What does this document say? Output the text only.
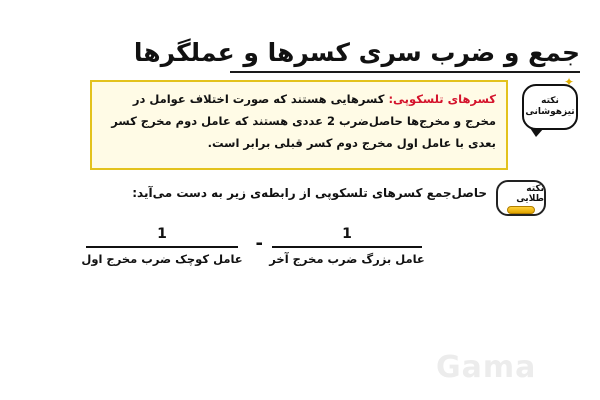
جمع و ضرب سری کسرها و عملگرها
✦
نکته
تیزهوشانی
کسرهای تلسکوپی: کسرهایی هستند که صورت اختلاف عوامل در مخرج و مخرج‌ها حاصل‌ضرب 2 عددی هستند که عامل دوم مخرج کسر بعدی با عامل اول مخرج دوم کسر قبلی برابر است.
نکته طلایی
حاصل‌جمع کسرهای تلسکوپی از رابطه‌ی زیر به دست می‌آید:
1
عامل بزرگ ضرب مخرج آخر
-
1
عامل کوچک ضرب مخرج اول
Gama
